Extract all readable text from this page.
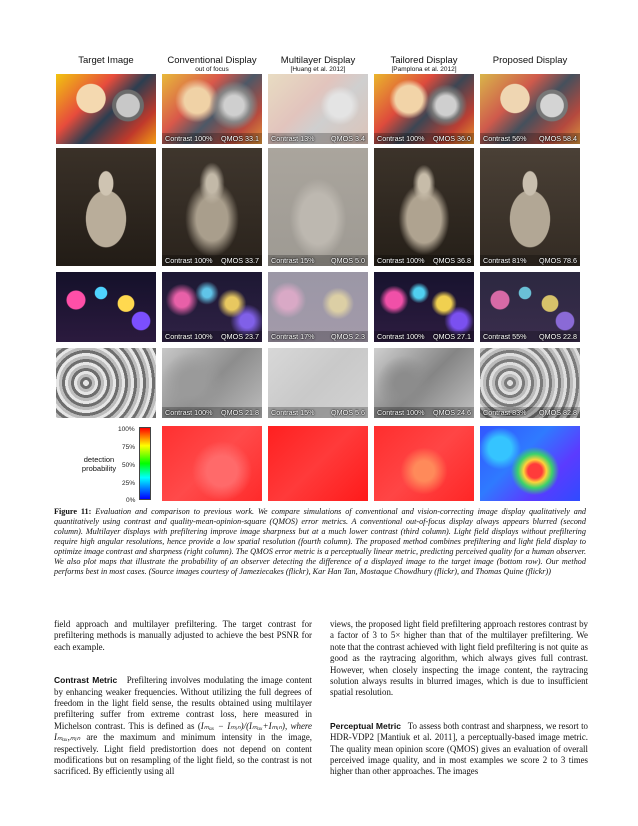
Target Image	Conventional Display
out of focus
Multilayer Display
[Huang et al. 2012]
Tailored Display
[Pamplona et al. 2012]
Proposed Display
Contrast 100% QMOS 33.1 Contrast 13% QMOS 3.4 Contrast 100% QMOS 36.0 Contrast 56% QMOS 58.4
Contrast 100% QMOS 33.7 Contrast 15% QMOS 5.0 Contrast 100% QMOS 36.8 Contrast 81% QMOS 78.6
Contrast 100% QMOS 23.7 Contrast 17% QMOS 2.3 Contrast 100% QMOS 27.1 Contrast 55% QMOS 22.8
Contrast 100% QMOS 21.8 Contrast 15% QMOS 5.6 Contrast 100% QMOS 24.6 Contrast 83% QMOS 82.8
100%
75%
50%
25%
0%
detection
probability
Figure 11: Evaluation and comparison to previous work. We compare simulations of conventional and vision-correcting image display qualitatively and quantitatively using contrast and quality-mean-opinion-square (QMOS) error metrics. A conventional out-of-focus display always appears blurred (second column). Multilayer displays with prefiltering improve image sharpness but at a much lower contrast (third column). Light field displays without prefiltering require high angular resolutions, hence provide a low spatial resolution (fourth column). The proposed method combines prefiltering and light field display to optimize image contrast and sharpness (right column). The QMOS error metric is a perceptually linear metric, predicting perceived quality for a human observer. We also plot maps that illustrate the probability of an observer detecting the difference of a displayed image to the target image (bottom row). Our method performs best in most cases. (Source images courtesy of Jameziecakes (flickr), Kar Han Tan, Mostaque Chowdhury (flickr), and Thomas Quine (flickr))

field approach and multilayer prefiltering. The target contrast for prefiltering methods is manually adjusted to achieve the best PSNR for each example.

Contrast Metric Prefiltering involves modulating the image content by enhancing weaker frequencies. Without utilizing the full degrees of freedom in the light field sense, the results obtained using multilayer prefiltering suffer from extreme contrast loss, here measured in Michelson contrast. This is defined as (Iₘₐₓ − Iₘᵢₙ)/(Iₘₐₓ+Iₘᵢₙ), where Iₘₐₓ,ₘᵢₙ are the maximum and minimum intensity in the image, respectively. Light field predistortion does not depend on content modifications but on resampling of the light field, so the contrast is not sacrificed. By efficiently using all

views, the proposed light field prefiltering approach restores contrast by a factor of 3 to 5× higher than that of the multilayer prefiltering. We note that the contrast achieved with light field prefiltering is not quite as good as the raytracing algorithm, which always gives full contrast. However, when closely inspecting the image content, the raytracing solution always results in blurred images, which is due to insufficient spatial resolution.

Perceptual Metric To assess both contrast and sharpness, we resort to HDR-VDP2 [Mantiuk et al. 2011], a perceptually-based image metric. The quality mean opinion score (QMOS) gives an evaluation of overall perceived image quality, and in most examples we score 2 to 3 times higher than other approaches. The images
